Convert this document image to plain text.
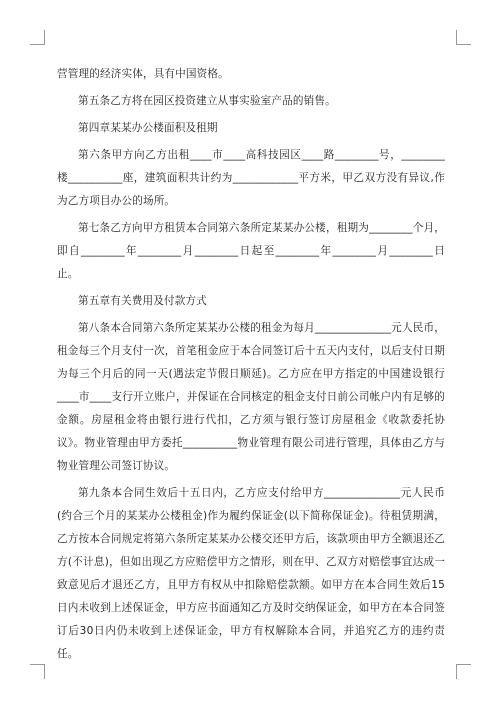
营管理的经济实体，具有中国资格。

第五条乙方将在园区投资建立从事实验室产品的销售。

第四章某某办公楼面积及租期

第六条甲方向乙方出租____市____高科技园区____路________号，________楼__________座，建筑面积共计约为____________平方米，甲乙双方没有异议,作为乙方项目办公的场所。

第七条乙方向甲方租赁本合同第六条所定某某办公楼，租期为________个月，即自________年________月________日起至________年________月________日止。

第五章有关费用及付款方式

第八条本合同第六条所定某某办公楼的租金为每月______________元人民币，租金每三个月支付一次，首笔租金应于本合同签订后十五天内支付，以后支付日期为每三个月后的同一天(遇法定节假日顺延)。乙方应在甲方指定的中国建设银行____市____支行开立账户，并保证在合同核定的租金支付日前公司帐户内有足够的金额。房屋租金将由银行进行代扣，乙方须与银行签订房屋租金《收款委托协议》。物业管理由甲方委托__________物业管理有限公司进行管理，具体由乙方与物业管理公司签订协议。

第九条本合同生效后十五日内，乙方应支付给甲方______________元人民币(约合三个月的某某办公楼租金)作为履约保证金(以下简称保证金)。待租赁期满，乙方按本合同规定将第六条所定某某办公楼交还甲方后，该款项由甲方全额退还乙方(不计息)，但如出现乙方应赔偿甲方之情形，则在甲、乙双方对赔偿事宜达成一致意见后才退还乙方，且甲方有权从中扣除赔偿款额。如甲方在本合同生效后15日内未收到上述保证金，甲方应书面通知乙方及时交纳保证金，如甲方在本合同签订后30日内仍未收到上述保证金，甲方有权解除本合同，并追究乙方的违约责任。
